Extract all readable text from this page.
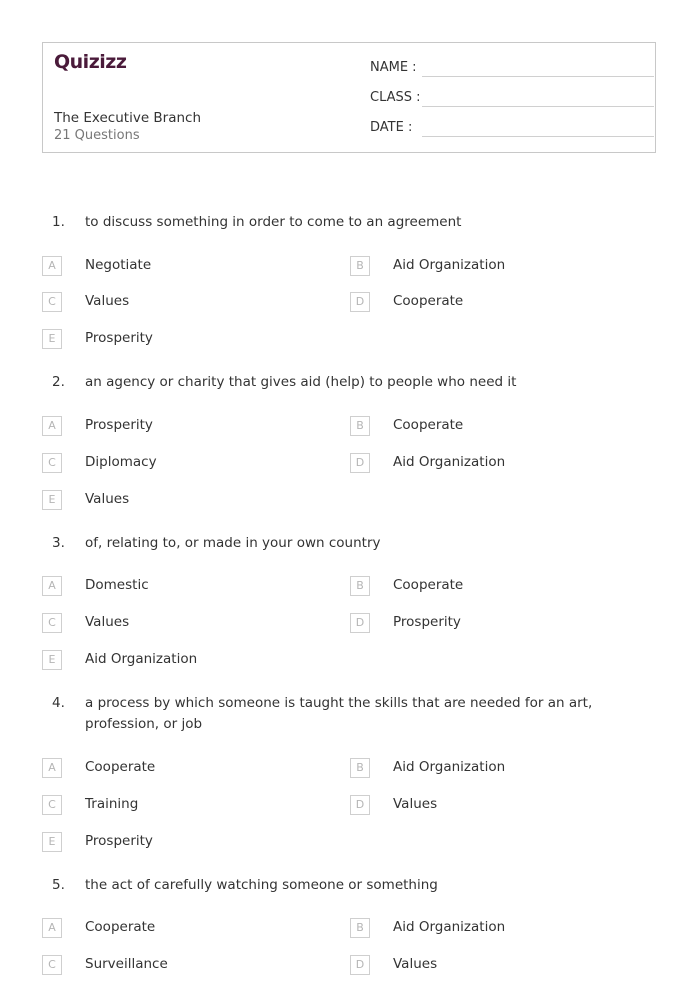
Quizizz
The Executive Branch
21 Questions
NAME :
CLASS :
DATE :
1. to discuss something in order to come to an agreement
A	Negotiate	B	Aid Organization
C	Values	D	Cooperate
E	Prosperity
2. an agency or charity that gives aid (help) to people who need it
A	Prosperity	B	Cooperate
C	Diplomacy	D	Aid Organization
E	Values
3. of, relating to, or made in your own country
A	Domestic	B	Cooperate
C	Values	D	Prosperity
E	Aid Organization
4. a process by which someone is taught the skills that are needed for an art, profession, or job
A	Cooperate	B	Aid Organization
C	Training	D	Values
E	Prosperity
5. the act of carefully watching someone or something
A	Cooperate	B	Aid Organization
C	Surveillance	D	Values
